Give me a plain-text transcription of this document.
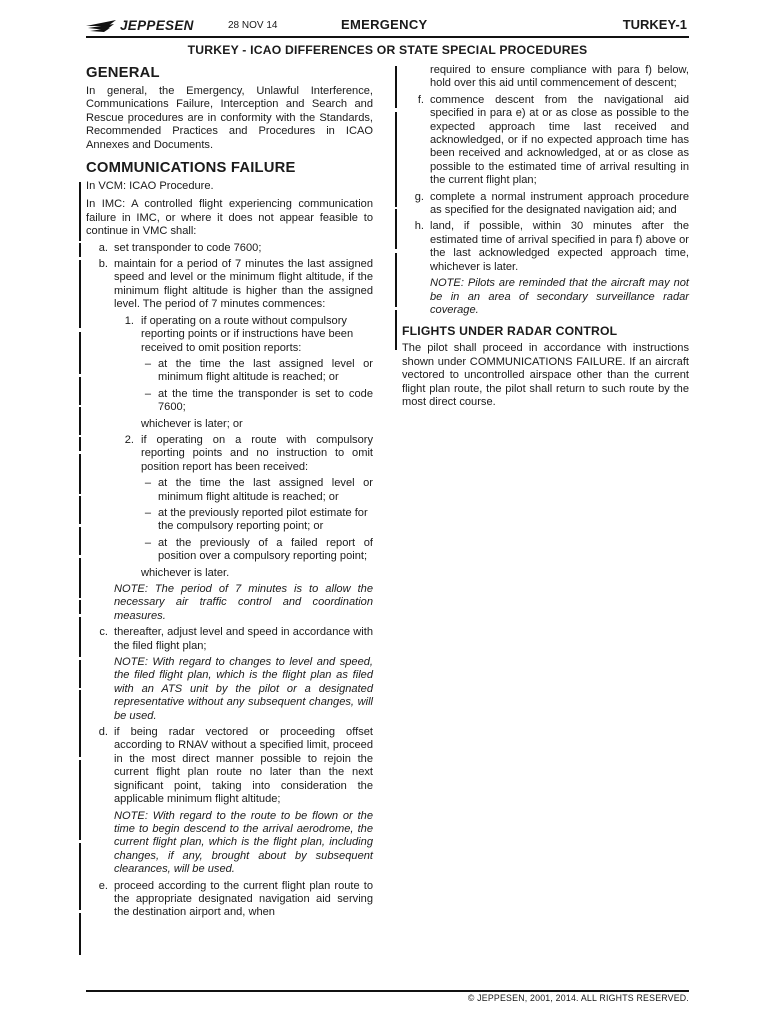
JEPPESEN	28 NOV 14	EMERGENCY	TURKEY-1
TURKEY - ICAO DIFFERENCES OR STATE SPECIAL PROCEDURES
GENERAL

In general, the Emergency, Unlawful Interference, Communications Failure, Interception and Search and Rescue procedures are in conformity with the Standards, Recommended Practices and Procedures in ICAO Annexes and Documents.

COMMUNICATIONS FAILURE

In VCM: ICAO Procedure.

In IMC: A controlled flight experiencing communication failure in IMC, or where it does not appear feasible to continue in VMC shall:

a. set transponder to code 7600;
b. maintain for a period of 7 minutes the last assigned speed and level or the minimum flight altitude, if the minimum flight altitude is higher than the assigned level. The period of 7 minutes commences:
1. if operating on a route without compulsory reporting points or if instructions have been received to omit position reports:
– at the time the last assigned level or minimum flight altitude is reached; or
– at the time the transponder is set to code 7600;

whichever is later; or

2. if operating on a route with compulsory reporting points and no instruction to omit position report has been received:
– at the time the last assigned level or minimum flight altitude is reached; or
– at the previously reported pilot estimate for the compulsory reporting point; or
– at the previously of a failed report of position over a compulsory reporting point;

whichever is later.

NOTE: The period of 7 minutes is to allow the necessary air traffic control and coordination measures.

c. thereafter, adjust level and speed in accordance with the filed flight plan;

NOTE: With regard to changes to level and speed, the filed flight plan, which is the flight plan as filed with an ATS unit by the pilot or a designated representative without any subsequent changes, will be used.

d. if being radar vectored or proceeding offset according to RNAV without a specified limit, proceed in the most direct manner possible to rejoin the current flight plan route no later than the next significant point, taking into consideration the applicable minimum flight altitude;

NOTE: With regard to the route to be flown or the time to begin descend to the arrival aerodrome, the current flight plan, which is the flight plan, including changes, if any, brought about by subsequent clearances, will be used.

e. proceed according to the current flight plan route to the appropriate designated navigation aid serving the destination airport and, when

required to ensure compliance with para f) below, hold over this aid until commencement of descent;

f. commence descent from the navigational aid specified in para e) at or as close as possible to the expected approach time last received and acknowledged, or if no expected approach time has been received and acknowledged, at or as close as possible to the estimated time of arrival resulting in the current flight plan;
g. complete a normal instrument approach procedure as specified for the designated navigation aid; and
h. land, if possible, within 30 minutes after the estimated time of arrival specified in para f) above or the last acknowledged expected approach time, whichever is later.

NOTE: Pilots are reminded that the aircraft may not be in an area of secondary surveillance radar coverage.

FLIGHTS UNDER RADAR CONTROL

The pilot shall proceed in accordance with instructions shown under COMMUNICATIONS FAILURE. If an aircraft vectored to uncontrolled airspace other than the current flight plan route, the pilot shall return to such route by the most direct course.

© JEPPESEN, 2001, 2014. ALL RIGHTS RESERVED.
